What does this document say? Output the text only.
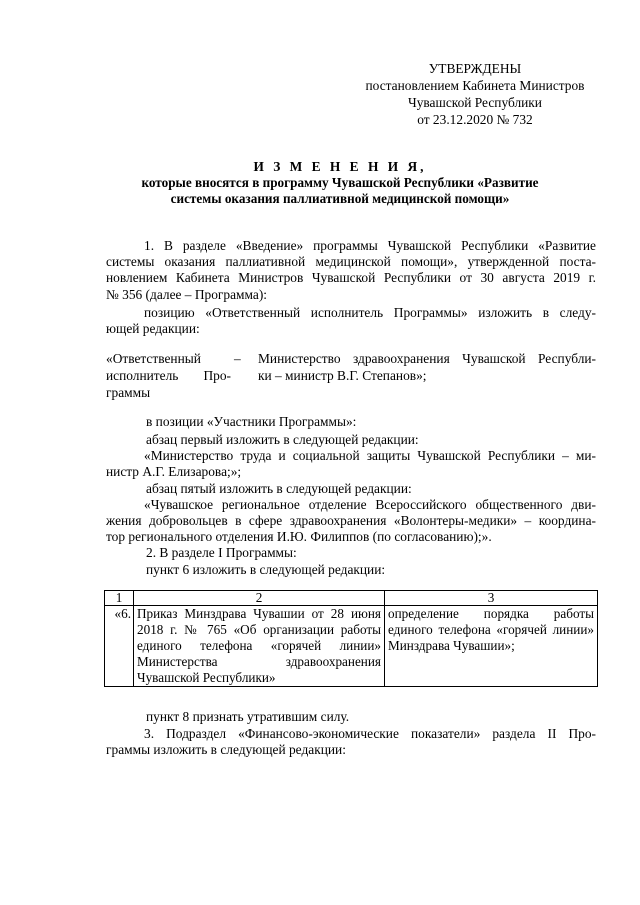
УТВЕРЖДЕНЫ
постановлением Кабинета Министров
Чувашской Республики
от 23.12.2020 № 732
И З М Е Н Е Н И Я,
которые вносятся в программу Чувашской Республики «Развитие
системы оказания паллиативной медицинской помощи»

1. В разделе «Введение» программы Чувашской Республики «Развитие

системы оказания паллиативной медицинской помощи», утвержденной поста-

новлением Кабинета Министров Чувашской Республики от 30 августа 2019 г.

№ 356 (далее – Программа):

позицию «Ответственный исполнитель Программы» изложить в следу-

ющей редакции:

«Ответственный
исполнитель Про-
граммы
– Министерство здравоохранения Чувашской Республи-
ки – министр В.Г. Степанов»;
в позиции «Участники Программы»:
абзац первый изложить в следующей редакции:

«Министерство труда и социальной защиты Чувашской Республики – ми-

нистр А.Г. Елизарова;»;

абзац пятый изложить в следующей редакции:

«Чувашское региональное отделение Всероссийского общественного дви-

жения добровольцев в сфере здравоохранения «Волонтеры-медики» – координа-

тор регионального отделения И.Ю. Филиппов (по согласованию);».

2. В разделе I Программы:
пункт 6 изложить в следующей редакции:
1	2	3
«6.	Приказ Минздрава Чувашии от 28 июня 2018 г. № 765 «Об организации работы единого телефона «горячей линии» Министерства здравоохранения Чувашской Республики»	определение порядка работы единого телефона «горячей линии» Минздрава Чувашии»;
пункт 8 признать утратившим силу.

3. Подраздел «Финансово-экономические показатели» раздела II Про-

граммы изложить в следующей редакции:
